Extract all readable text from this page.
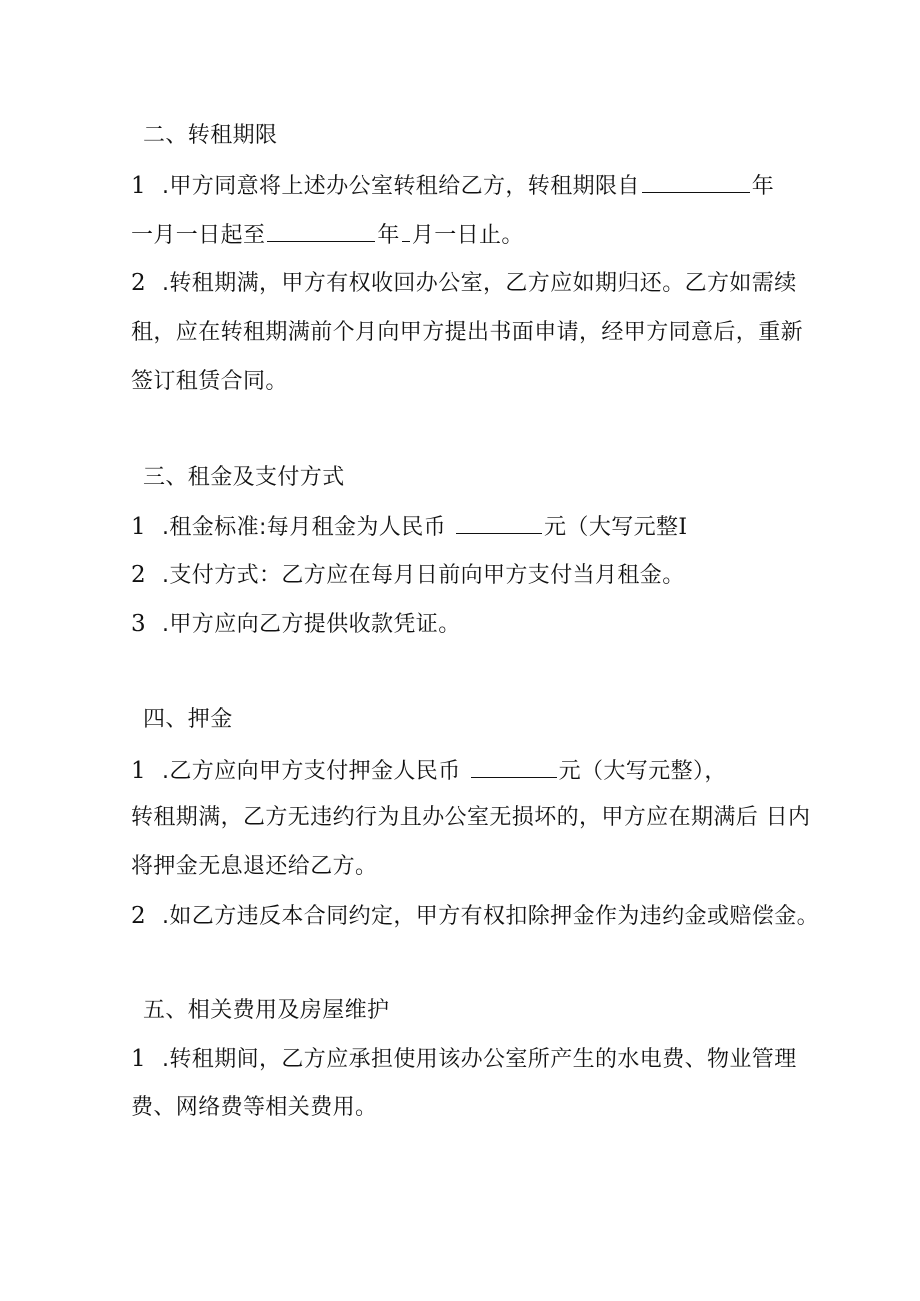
二、转租期限
1 .甲方同意将上述办公室转租给乙方，转租期限自	年
一月一日起至	年 月一日止。
2 .转租期满，甲方有权收回办公室，乙方应如期归还。乙方如需续
租，应在转租期满前个月向甲方提出书面申请，经甲方同意后，重新
签订租赁合同。
三、租金及支付方式
1 .租金标准:每月租金为人民币	元（大写元整I
2 .支付方式：乙方应在每月日前向甲方支付当月租金。
3 .甲方应向乙方提供收款凭证。
四、押金
1 .乙方应向甲方支付押金人民币	元（大写元整），
转租期满，乙方无违约行为且办公室无损坏的，甲方应在期满后 日内
将押金无息退还给乙方。
2 .如乙方违反本合同约定，甲方有权扣除押金作为违约金或赔偿金。
五、相关费用及房屋维护
1 .转租期间，乙方应承担使用该办公室所产生的水电费、物业管理
费、网络费等相关费用。
